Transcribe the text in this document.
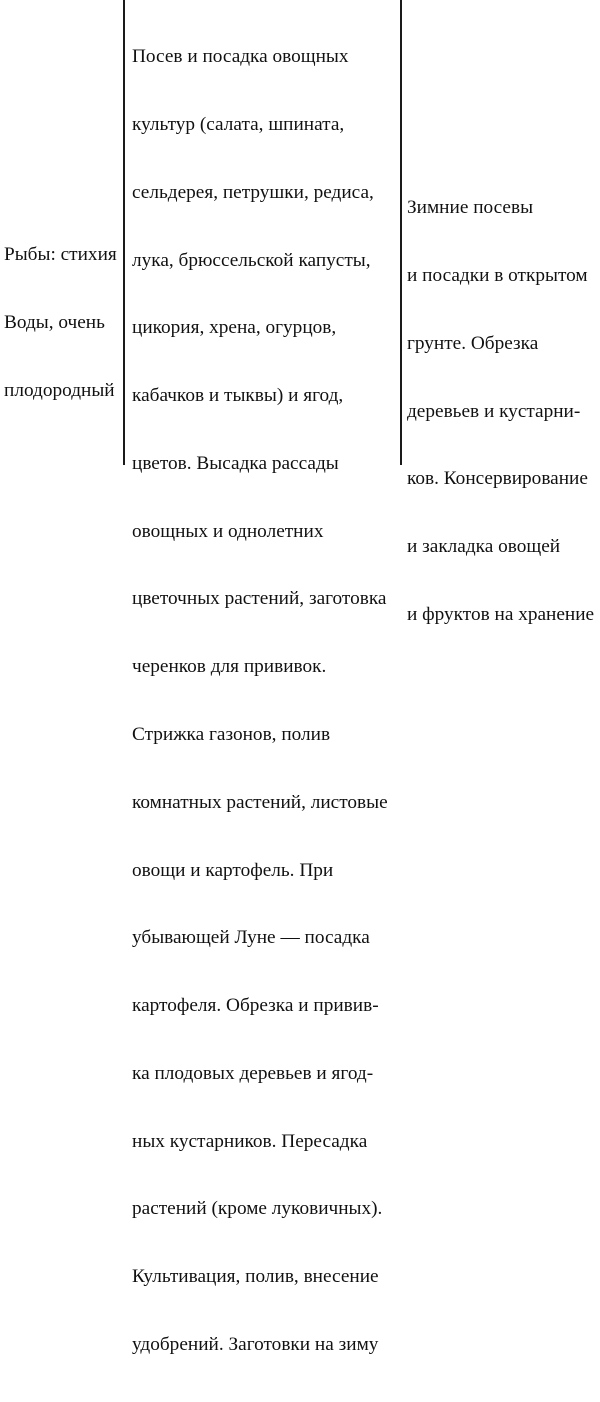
Рыбы: стихия

Воды, очень

плодородный

Посев и посадка овощных

культур (салата, шпината,

сельдерея, петрушки, редиса,

лука, брюссельской капусты,

цикория, хрена, огурцов,

кабачков и тыквы) и ягод,

цветов. Высадка рассады

овощных и однолетних

цветочных растений, заготовка

черенков для прививок.

Стрижка газонов, полив

комнатных растений, листовые

овощи и картофель. При

убывающей Луне — посадка

картофеля. Обрезка и привив-

ка плодовых деревьев и ягод-

ных кустарников. Пересадка

растений (кроме луковичных).

Культивация, полив, внесение

удобрений. Заготовки на зиму

Зимние посевы

и посадки в открытом

грунте. Обрезка

деревьев и кустарни-

ков. Консервирование

и закладка овощей

и фруктов на хранение
